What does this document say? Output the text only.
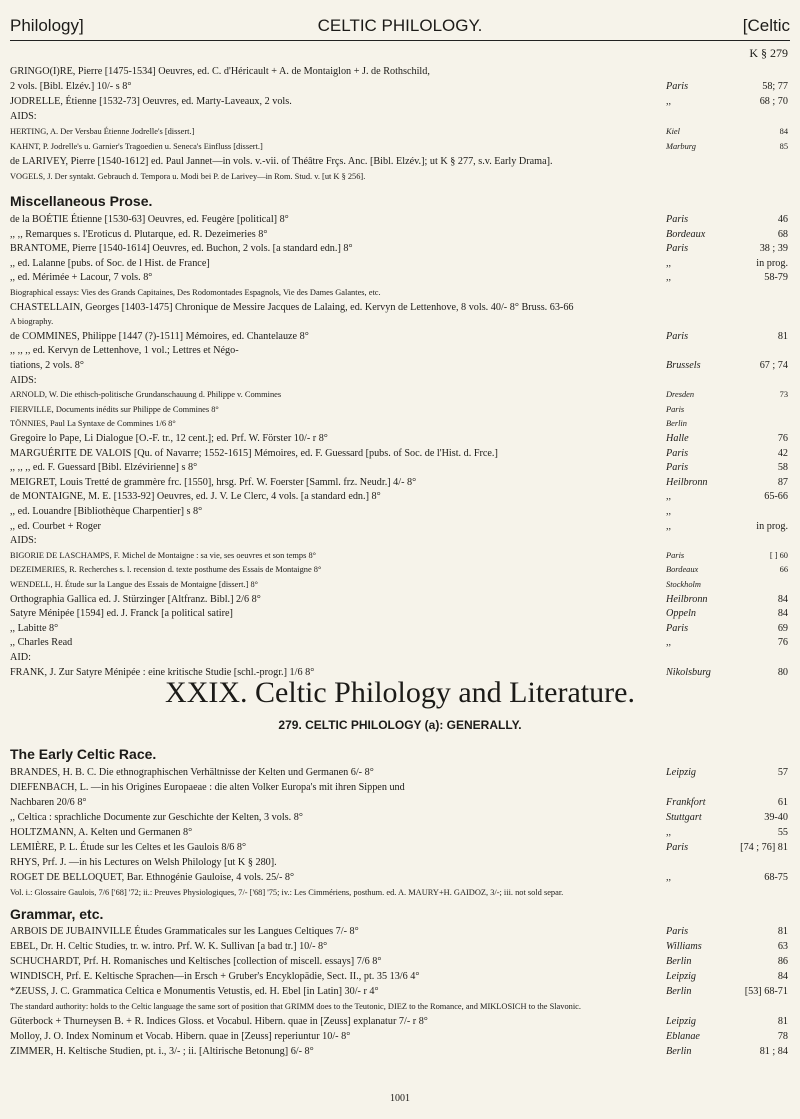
Philology]	CELTIC PHILOLOGY.	[Celtic
K § 279
GRINGO(I)RE, Pierre [1475-1534] Oeuvres, ed. C. d'Héricault + A. de Montaiglon + J. de Rothschild,
2 vols. [Bibl. Elzév.] 10/- s 8°	Paris	58; 77
JODRELLE, Étienne [1532-73] Oeuvres, ed. Marty-Laveaux, 2 vols.	,,	68 ; 70
AIDS:
HERTING, A. Der Versbau Étienne Jodrelle's [dissert.]	Kiel	84
KAHNT, P. Jodrelle's u. Garnier's Tragoedien u. Seneca's Einfluss [dissert.]	Marburg	85
de LARIVEY, Pierre [1540-1612] ed. Paul Jannet—in vols. v.-vii. of Théâtre Frçs. Anc. [Bibl. Elzév.]; ut K § 277, s.v. Early Drama].
VOGELS, J. Der syntakt. Gebrauch d. Tempora u. Modi bei P. de Larivey—in Rom. Stud. v. [ut K § 256].
Miscellaneous Prose.
de la BOÉTIE Étienne [1530-63] Oeuvres, ed. Feugère [political] 8°	Paris	46
,, ,, Remarques s. l'Eroticus d. Plutarque, ed. R. Dezeimeries 8°	Bordeaux	68
BRANTOME, Pierre [1540-1614] Oeuvres, ed. Buchon, 2 vols. [a standard edn.] 8°	Paris	38 ; 39
,, ed. Lalanne [pubs. of Soc. de l Hist. de France]	,,	in prog.
,, ed. Mérimée + Lacour, 7 vols. 8°	,,	58-79
Biographical essays: Vies des Grands Capitaines, Des Rodomontades Espagnols, Vie des Dames Galantes, etc.
CHASTELLAIN, Georges [1403-1475] Chronique de Messire Jacques de Lalaing, ed. Kervyn de Lettenhove, 8 vols. 40/- 8° Bruss. 63-66
A biography.
de COMMINES, Philippe [1447 (?)-1511] Mémoires, ed. Chantelauze 8°	Paris	81
,, ,, ,, ed. Kervyn de Lettenhove, 1 vol.; Lettres et Négo-
tiations, 2 vols. 8°	Brussels	67 ; 74
AIDS:
ARNOLD, W. Die ethisch-politische Grundanschauung d. Philippe v. Commines	Dresden	73
FIERVILLE, Documents inédits sur Philippe de Commines 8°	Paris
TÖNNIES, Paul La Syntaxe de Commines 1/6 8°	Berlin
Gregoire lo Pape, Li Dialogue [O.-F. tr., 12 cent.]; ed. Prf. W. Förster 10/- r 8°	Halle	76
MARGUÉRITE DE VALOIS [Qu. of Navarre; 1552-1615] Mémoires, ed. F. Guessard [pubs. of Soc. de l'Hist. d. Frce.]	Paris	42
,, ,, ,, ed. F. Guessard [Bibl. Elzévirienne] s 8°	Paris	58
MEIGRET, Louis Tretté de grammère frc. [1550], hrsg. Prf. W. Foerster [Samml. frz. Neudr.] 4/- 8°	Heilbronn	87
de MONTAIGNE, M. E. [1533-92] Oeuvres, ed. J. V. Le Clerc, 4 vols. [a standard edn.] 8°	,,	65-66
,, ed. Louandre [Bibliothèque Charpentier] s 8°	,,
,, ed. Courbet + Roger	,,	in prog.
AIDS:
BIGORIE DE LASCHAMPS, F. Michel de Montaigne : sa vie, ses oeuvres et son temps 8°	Paris	[ ] 60
DEZEIMERIES, R. Recherches s. l. recension d. texte posthume des Essais de Montaigne 8°	Bordeaux	66
WENDELL, H. Étude sur la Langue des Essais de Montaigne [dissert.] 8°	Stockholm
Orthographia Gallica ed. J. Stürzinger [Altfranz. Bibl.] 2/6 8°	Heilbronn	84
Satyre Ménipée [1594] ed. J. Franck [a political satire]	Oppeln	84
,, Labitte 8°	Paris	69
,, Charles Read	,,	76
AID:
FRANK, J. Zur Satyre Ménipée : eine kritische Studie [schl.-progr.] 1/6 8°	Nikolsburg	80
XXIX. Celtic Philology and Literature.
279. CELTIC PHILOLOGY (a): GENERALLY.
The Early Celtic Race.
BRANDES, H. B. C. Die ethnographischen Verhältnisse der Kelten und Germanen 6/- 8°	Leipzig	57
DIEFENBACH, L. —in his Origines Europaeae : die alten Volker Europa's mit ihren Sippen und
Nachbaren 20/6 8°	Frankfort	61
,, Celtica : sprachliche Documente zur Geschichte der Kelten, 3 vols. 8°	Stuttgart	39-40
HOLTZMANN, A. Kelten und Germanen 8°	,,	55
LEMIÈRE, P. L. Étude sur les Celtes et les Gaulois 8/6 8°	Paris	[74 ; 76] 81
RHYS, Prf. J. —in his Lectures on Welsh Philology [ut K § 280].
ROGET DE BELLOQUET, Bar. Ethnogénie Gauloise, 4 vols. 25/- 8°	,,	68-75
Vol. i.: Glossaire Gaulois, 7/6 ['68] '72; ii.: Preuves Physiologiques, 7/- ['68] '75; iv.: Les Cimmériens, posthum. ed. A. MAURY+H. GAIDOZ, 3/-; iii. not sold separ.
Grammar, etc.
ARBOIS DE JUBAINVILLE Études Grammaticales sur les Langues Celtiques 7/- 8°	Paris	81
EBEL, Dr. H. Celtic Studies, tr. w. intro. Prf. W. K. Sullivan [a bad tr.] 10/- 8°	Williams	63
SCHUCHARDT, Prf. H. Romanisches und Keltisches [collection of miscell. essays] 7/6 8°	Berlin	86
WINDISCH, Prf. E. Keltische Sprachen—in Ersch + Gruber's Encyklopädie, Sect. II., pt. 35 13/6 4°	Leipzig	84
*ZEUSS, J. C. Grammatica Celtica e Monumentis Vetustis, ed. H. Ebel [in Latin] 30/- r 4°	Berlin	[53] 68-71
The standard authority: holds to the Celtic language the same sort of position that GRIMM does to the Teutonic, DIEZ to the Romance, and MIKLOSICH to the Slavonic.
Güterbock + Thurneysen B. + R. Indices Gloss. et Vocabul. Hibern. quae in [Zeuss] explanatur 7/- r 8°	Leipzig	81
Molloy, J. O. Index Nominum et Vocab. Hibern. quae in [Zeuss] reperiuntur 10/- 8°	Eblanae	78
ZIMMER, H. Keltische Studien, pt. i., 3/- ; ii. [Altirische Betonung] 6/- 8°	Berlin	81 ; 84
1001
